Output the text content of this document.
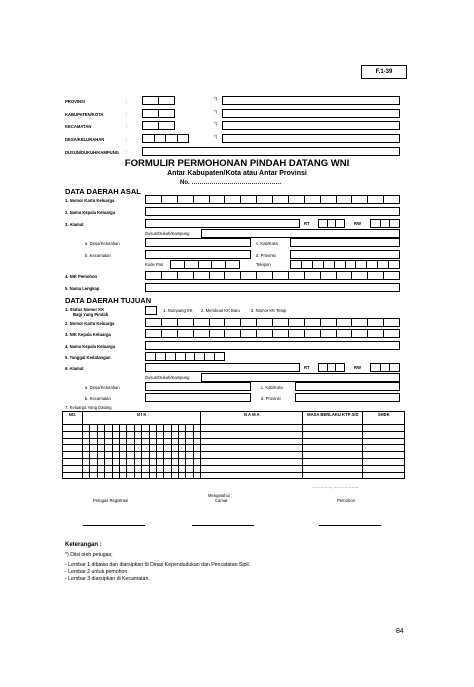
F.1-39
PROVINSI	:
*)
KABUPATEN/KOTA	:
*)
KECAMATAN	:
*)
DESA/KELURAHAN	:
*)
DUSUN/DUKUH/KAMPUNG :
FORMULIR PERMOHONAN PINDAH DATANG WNI
Antar Kabupaten/Kota atau Antar Provinsi
No. ………………………………………
DATA DAERAH ASAL
1. Nomor Kartu Keluarga
2. Nama Kepala Keluarga
3. Alamat	RT	RW
Dusun/Dukuh/Kampung
a. Desa/Kelurahan	c. Kab/Kota
b. Kecamatan	d. Provinsi
Kode Pos	Telepon
4. NIK Pemohon
5. Nama Lengkap
DATA DAERAH TUJUAN
1. Status Nomor KK
Bagi Yang Pindah
1. Numpang KK 2. Membuat KK Baru	3. Nomor KK Tetap
2. Nomor Kartu Keluarga
3. NIK Kepala Keluarga
4. Nama Kepala Keluarga
5. Tanggal Kedatangan
6. Alamat	RT	RW
Dusun/Dukuh/Kampung
a. Desa/Kelurahan	c. Kab/Kota
b. Kecamatan	d. Provinsi
7. Keluarga Yang Datang
NO.	N I K																N A M A	MASA BERLAKU KTP S/D	SHDK

………….., ………………
Mengetahui :
Petugas Registrasi	Camat	Pemohon
Keterangan :
*) Diisi oleh petugas;
- Lembar 1 dibawa dan diarsipkan di Dinas Kependudukan dan Pencatatan Sipil.
- Lembar 2 untuk pemohon.
- Lembar 3 diarsipkan di Kecamatan.
84
